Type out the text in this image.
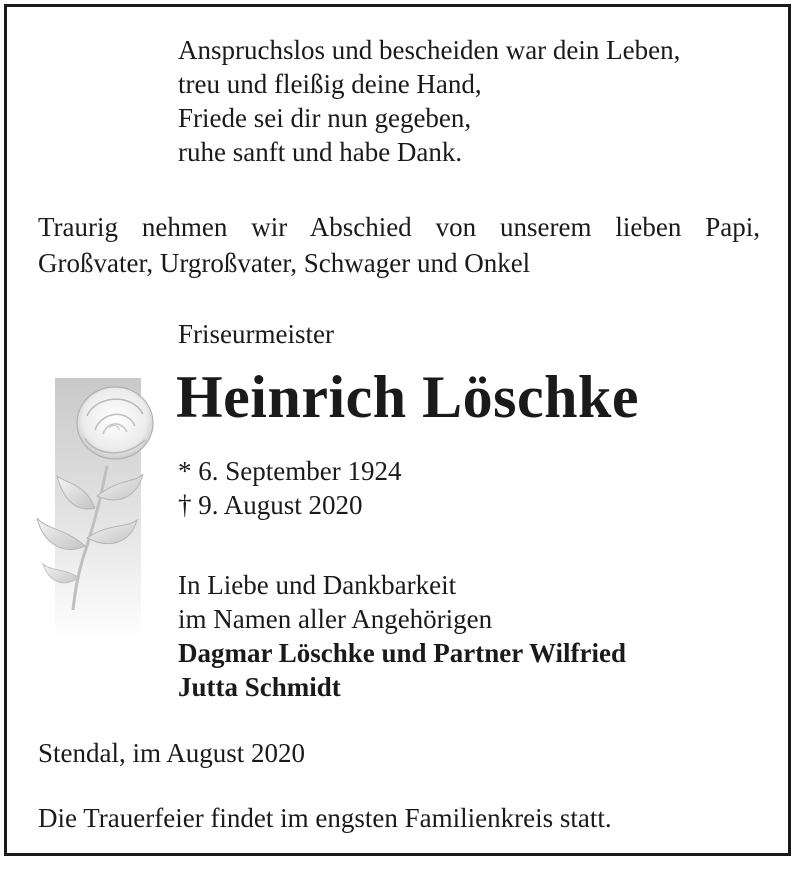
Anspruchslos und bescheiden war dein Leben,
treu und fleißig deine Hand,
Friede sei dir nun gegeben,
ruhe sanft und habe Dank.
Traurig nehmen wir Abschied von unserem lieben Papi,
Großvater, Urgroßvater, Schwager und Onkel
Friseurmeister
Heinrich Löschke
* 6. September 1924
† 9. August 2020
In Liebe und Dankbarkeit
im Namen aller Angehörigen
Dagmar Löschke und Partner Wilfried
Jutta Schmidt
Stendal, im August 2020
Die Trauerfeier findet im engsten Familienkreis statt.
